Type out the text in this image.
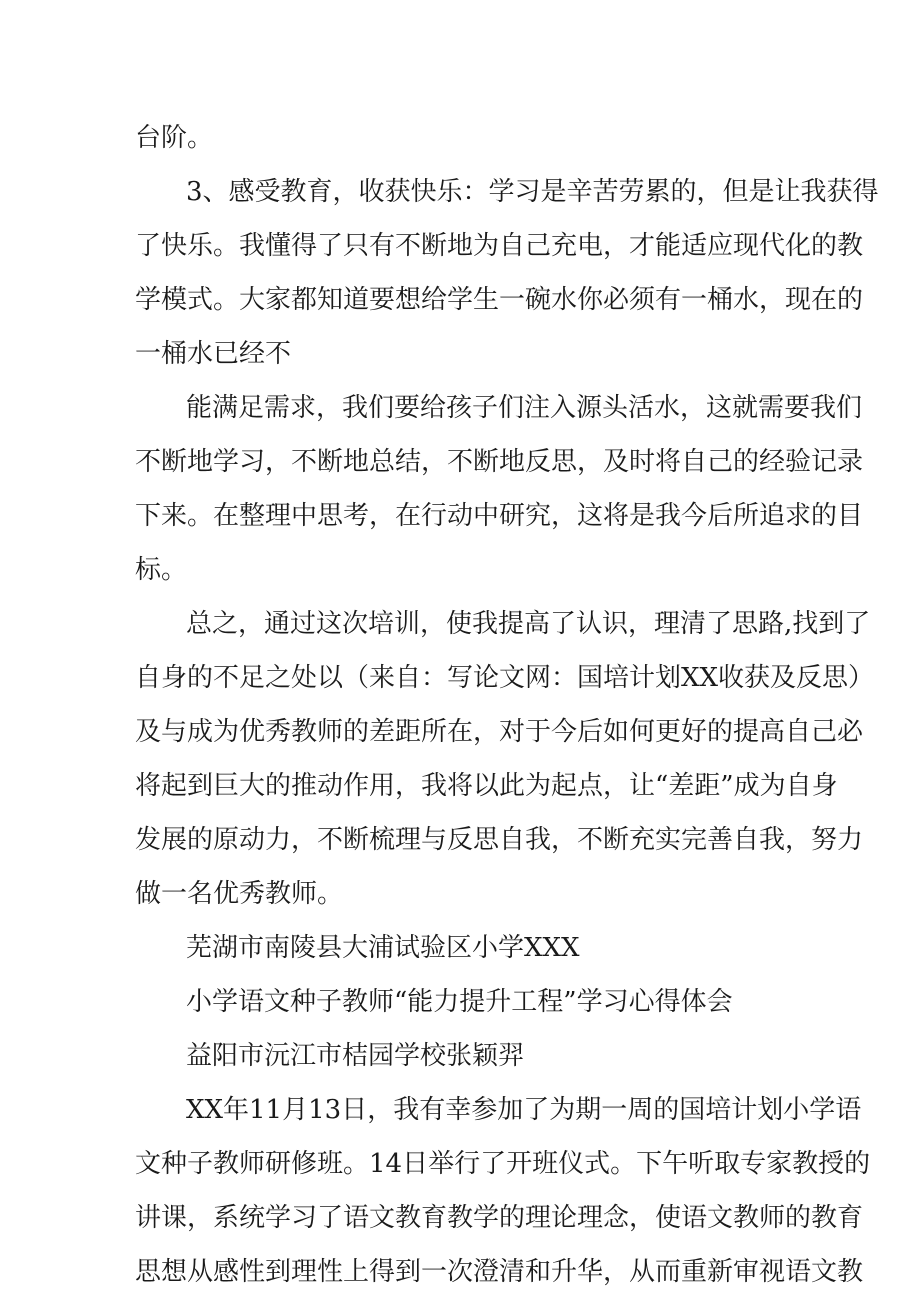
台阶。

3、感受教育，收获快乐：学习是辛苦劳累的，但是让我获得

了快乐。我懂得了只有不断地为自己充电，才能适应现代化的教

学模式。大家都知道要想给学生一碗水你必须有一桶水，现在的

一桶水已经不

能满足需求，我们要给孩子们注入源头活水，这就需要我们

不断地学习，不断地总结，不断地反思，及时将自己的经验记录

下来。在整理中思考，在行动中研究，这将是我今后所追求的目

标。

总之，通过这次培训，使我提高了认识，理清了思路,找到了

自身的不足之处以（来自：写论文网：国培计划XX收获及反思）

及与成为优秀教师的差距所在，对于今后如何更好的提高自己必

将起到巨大的推动作用，我将以此为起点，让“差距”成为自身

发展的原动力，不断梳理与反思自我，不断充实完善自我，努力

做一名优秀教师。

芜湖市南陵县大浦试验区小学XXX

小学语文种子教师“能力提升工程”学习心得体会

益阳市沅江市桔园学校张颖羿

XX年11月13日，我有幸参加了为期一周的国培计划小学语

文种子教师研修班。14日举行了开班仪式。下午听取专家教授的

讲课，系统学习了语文教育教学的理论理念，使语文教师的教育

思想从感性到理性上得到一次澄清和升华，从而重新审视语文教
